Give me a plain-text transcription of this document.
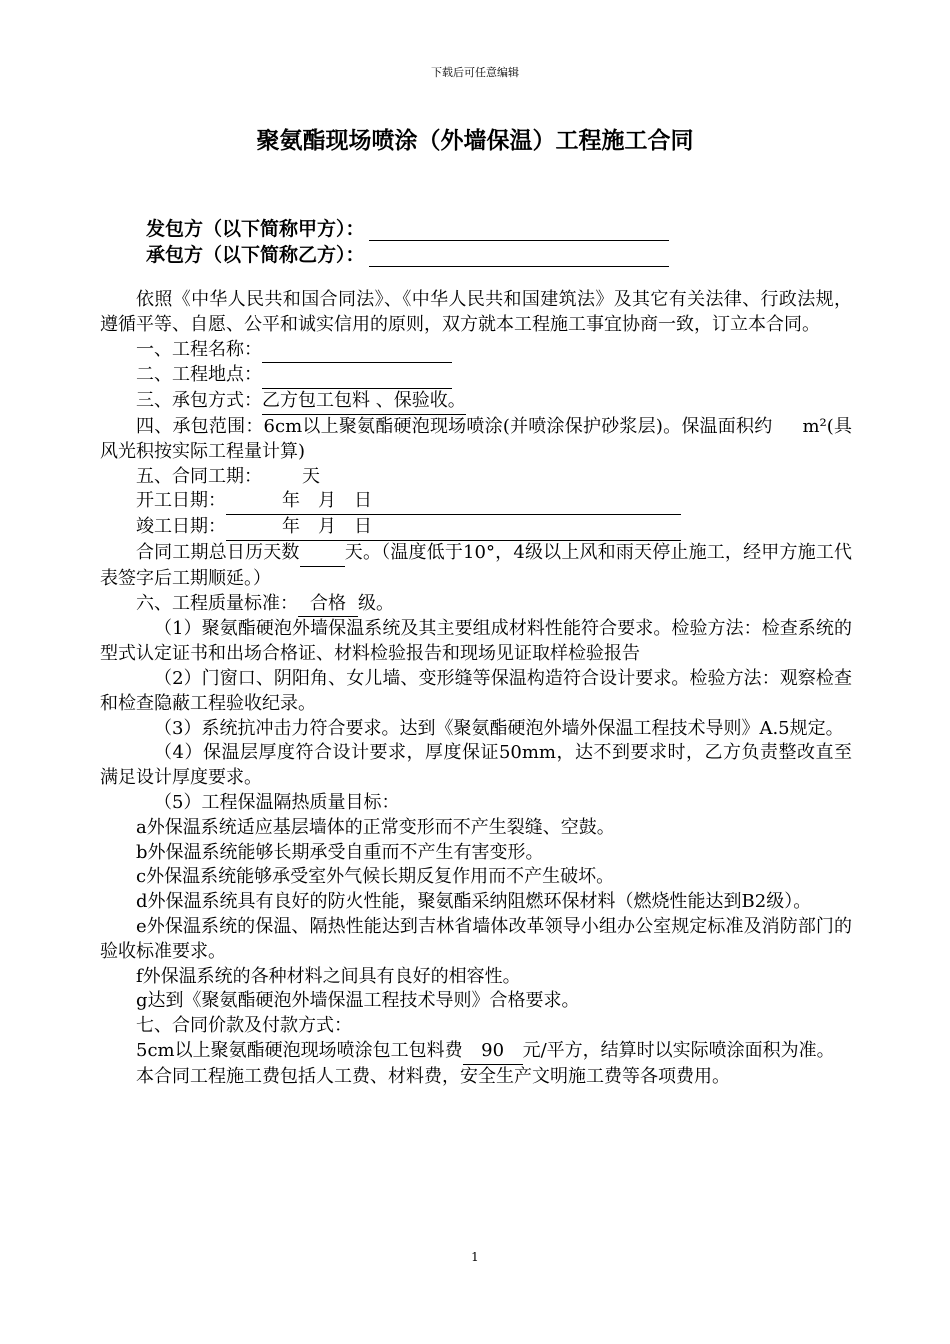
下载后可任意编辑
聚氨酯现场喷涂（外墙保温）工程施工合同
发包方（以下简称甲方）：
承包方（以下简称乙方）：

依照《中华人民共和国合同法》、《中华人民共和国建筑法》及其它有关法律、行政法规，遵循平等、自愿、公平和诚实信用的原则，双方就本工程施工事宜协商一致，订立本合同。

一、工程名称：

二、工程地点：

三、承包方式：乙方包工包料 、保验收。

四、承包范围：6cm以上聚氨酯硬泡现场喷涂(并喷涂保护砂浆层)。保温面积约 m²(具风光积按实际工程量计算)

五、合同工期： 天

开工日期：	年 月 日

竣工日期：	年 月 日

合同工期总日历天数	天。（温度低于10°，4级以上风和雨天停止施工，经甲方施工代表签字后工期顺延。）

六、工程质量标准： 合格 级。

（1）聚氨酯硬泡外墙保温系统及其主要组成材料性能符合要求。检验方法：检查系统的型式认定证书和出场合格证、材料检验报告和现场见证取样检验报告

（2）门窗口、阴阳角、女儿墙、变形缝等保温构造符合设计要求。检验方法：观察检查和检查隐蔽工程验收纪录。

（3）系统抗冲击力符合要求。达到《聚氨酯硬泡外墙外保温工程技术导则》A.5规定。

（4）保温层厚度符合设计要求，厚度保证50mm，达不到要求时，乙方负责整改直至满足设计厚度要求。

（5）工程保温隔热质量目标：

a外保温系统适应基层墙体的正常变形而不产生裂缝、空鼓。

b外保温系统能够长期承受自重而不产生有害变形。

c外保温系统能够承受室外气候长期反复作用而不产生破坏。

d外保温系统具有良好的防火性能，聚氨酯采纳阻燃环保材料（燃烧性能达到B2级）。

e外保温系统的保温、隔热性能达到吉林省墙体改革领导小组办公室规定标准及消防部门的验收标准要求。

f外保温系统的各种材料之间具有良好的相容性。

g达到《聚氨酯硬泡外墙保温工程技术导则》合格要求。

七、合同价款及付款方式：

5cm以上聚氨酯硬泡现场喷涂包工包料费 90 元/平方，结算时以实际喷涂面积为准。

本合同工程施工费包括人工费、材料费，安全生产文明施工费等各项费用。

1
